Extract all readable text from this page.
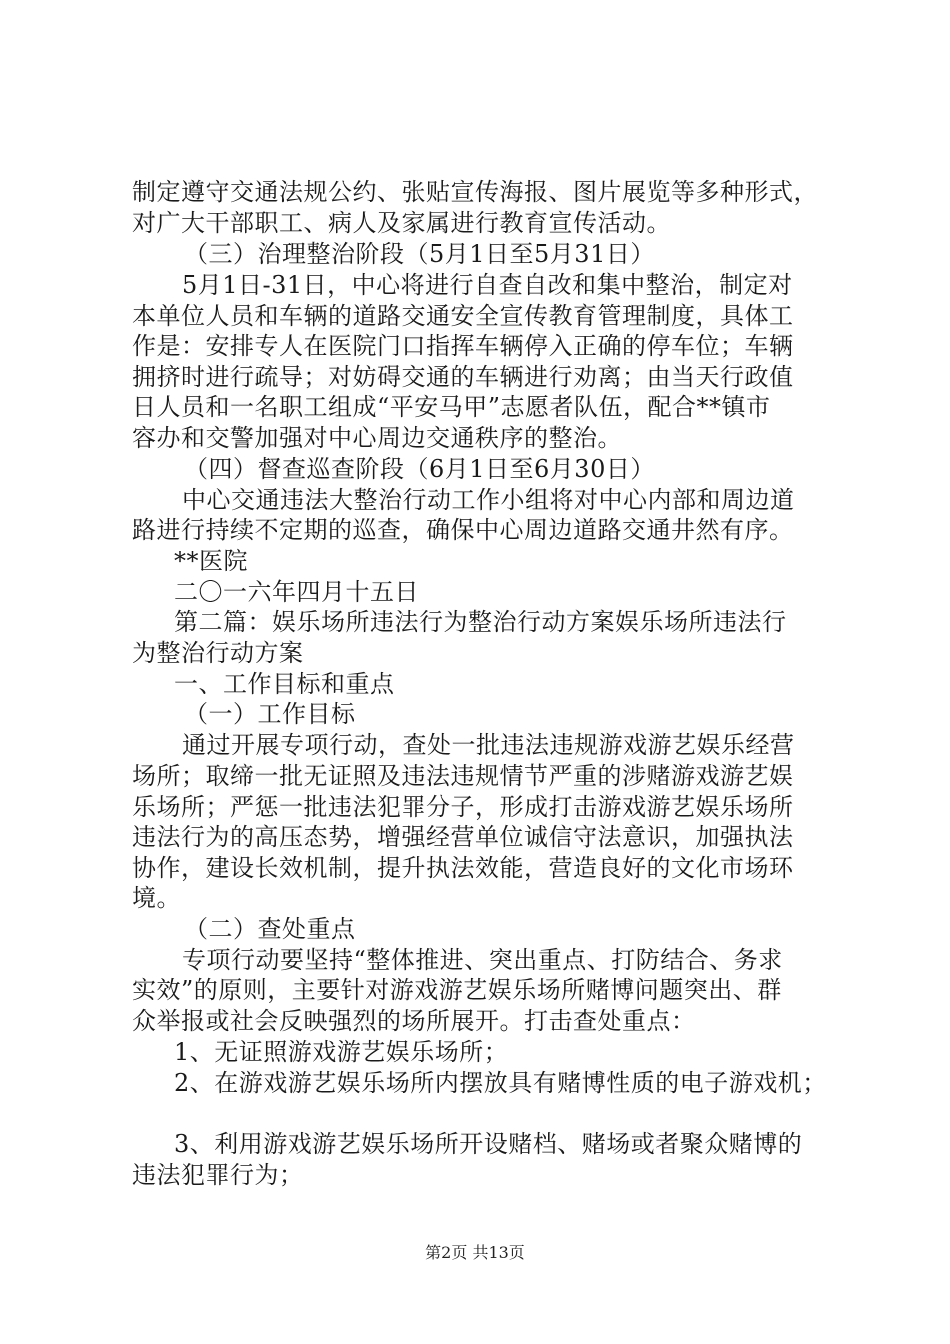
制定遵守交通法规公约、张贴宣传海报、图片展览等多种形式，
对广大干部职工、病人及家属进行教育宣传活动。
（三）治理整治阶段（5月1日至5月31日）
5月1日-31日，中心将进行自查自改和集中整治，制定对
本单位人员和车辆的道路交通安全宣传教育管理制度，具体工
作是：安排专人在医院门口指挥车辆停入正确的停车位；车辆
拥挤时进行疏导；对妨碍交通的车辆进行劝离；由当天行政值
日人员和一名职工组成“平安马甲”志愿者队伍，配合**镇市
容办和交警加强对中心周边交通秩序的整治。
（四）督查巡查阶段（6月1日至6月30日）
中心交通违法大整治行动工作小组将对中心内部和周边道
路进行持续不定期的巡查，确保中心周边道路交通井然有序。
**医院
二〇一六年四月十五日
第二篇：娱乐场所违法行为整治行动方案娱乐场所违法行
为整治行动方案
一、工作目标和重点
（一）工作目标
通过开展专项行动，查处一批违法违规游戏游艺娱乐经营
场所；取缔一批无证照及违法违规情节严重的涉赌游戏游艺娱
乐场所；严惩一批违法犯罪分子，形成打击游戏游艺娱乐场所
违法行为的高压态势，增强经营单位诚信守法意识，加强执法
协作，建设长效机制，提升执法效能，营造良好的文化市场环
境。
（二）查处重点
专项行动要坚持“整体推进、突出重点、打防结合、务求
实效”的原则，主要针对游戏游艺娱乐场所赌博问题突出、群
众举报或社会反映强烈的场所展开。打击查处重点：
1、无证照游戏游艺娱乐场所；
2、在游戏游艺娱乐场所内摆放具有赌博性质的电子游戏机；
3、利用游戏游艺娱乐场所开设赌档、赌场或者聚众赌博的
违法犯罪行为；
第2页 共13页
